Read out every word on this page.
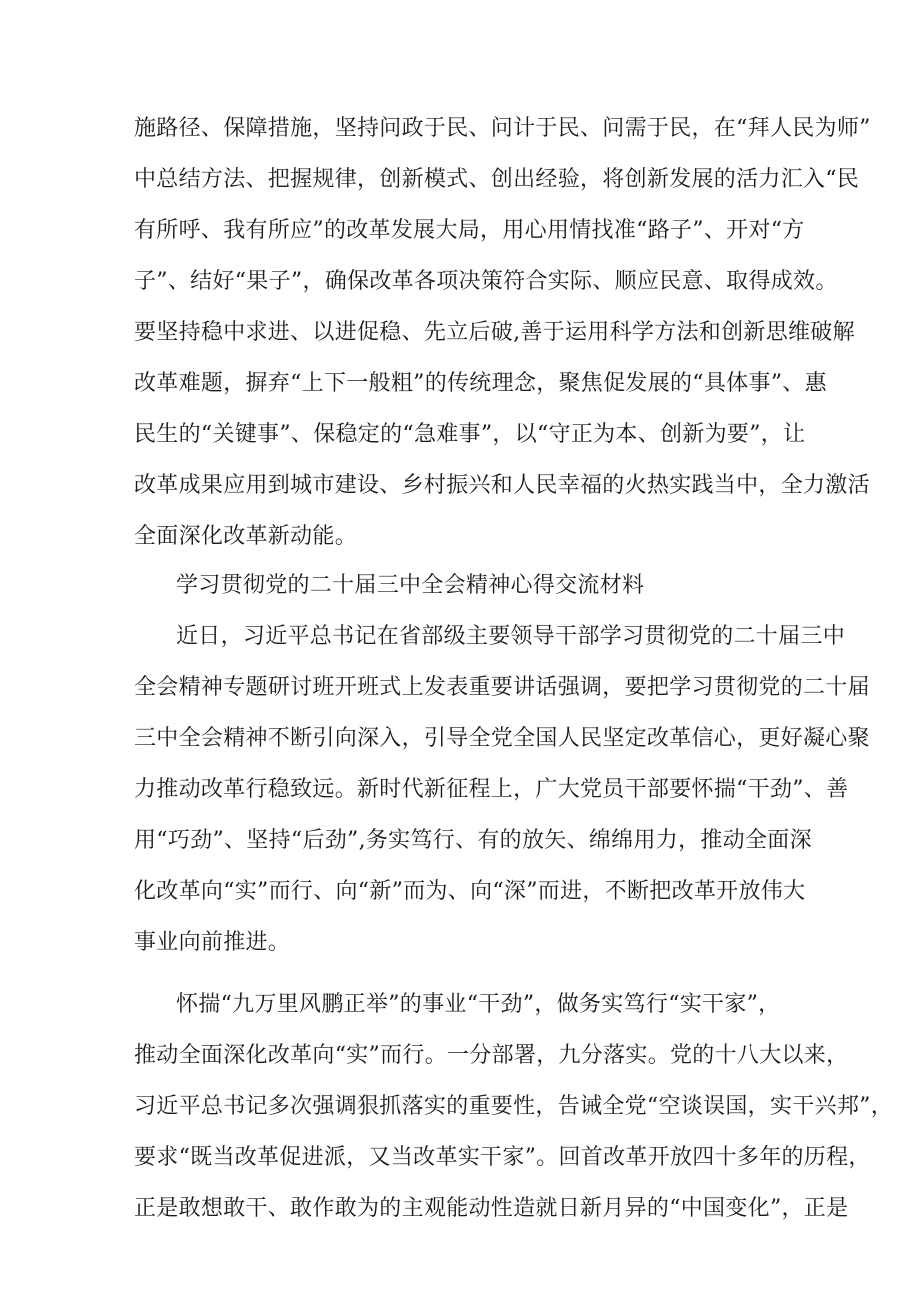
施路径、保障措施，坚持问政于民、问计于民、问需于民，在“拜人民为师”
中总结方法、把握规律，创新模式、创出经验，将创新发展的活力汇入“民
有所呼、我有所应”的改革发展大局，用心用情找准“路子”、开对“方
子”、结好“果子”，确保改革各项决策符合实际、顺应民意、取得成效。
要坚持稳中求进、以进促稳、先立后破,善于运用科学方法和创新思维破解
改革难题，摒弃“上下一般粗”的传统理念，聚焦促发展的“具体事”、惠
民生的“关键事”、保稳定的“急难事”，以“守正为本、创新为要”，让
改革成果应用到城市建设、乡村振兴和人民幸福的火热实践当中，全力激活
全面深化改革新动能。
学习贯彻党的二十届三中全会精神心得交流材料
近日，习近平总书记在省部级主要领导干部学习贯彻党的二十届三中
全会精神专题研讨班开班式上发表重要讲话强调，要把学习贯彻党的二十届
三中全会精神不断引向深入，引导全党全国人民坚定改革信心，更好凝心聚
力推动改革行稳致远。新时代新征程上，广大党员干部要怀揣“干劲”、善
用“巧劲”、坚持“后劲”,务实笃行、有的放矢、绵绵用力，推动全面深
化改革向“实”而行、向“新”而为、向“深”而进，不断把改革开放伟大
事业向前推进。
怀揣“九万里风鹏正举”的事业“干劲”，做务实笃行“实干家”，
推动全面深化改革向“实”而行。一分部署，九分落实。党的十八大以来，
习近平总书记多次强调狠抓落实的重要性，告诫全党“空谈误国，实干兴邦”，
要求“既当改革促进派，又当改革实干家”。回首改革开放四十多年的历程，
正是敢想敢干、敢作敢为的主观能动性造就日新月异的“中国变化”，正是
